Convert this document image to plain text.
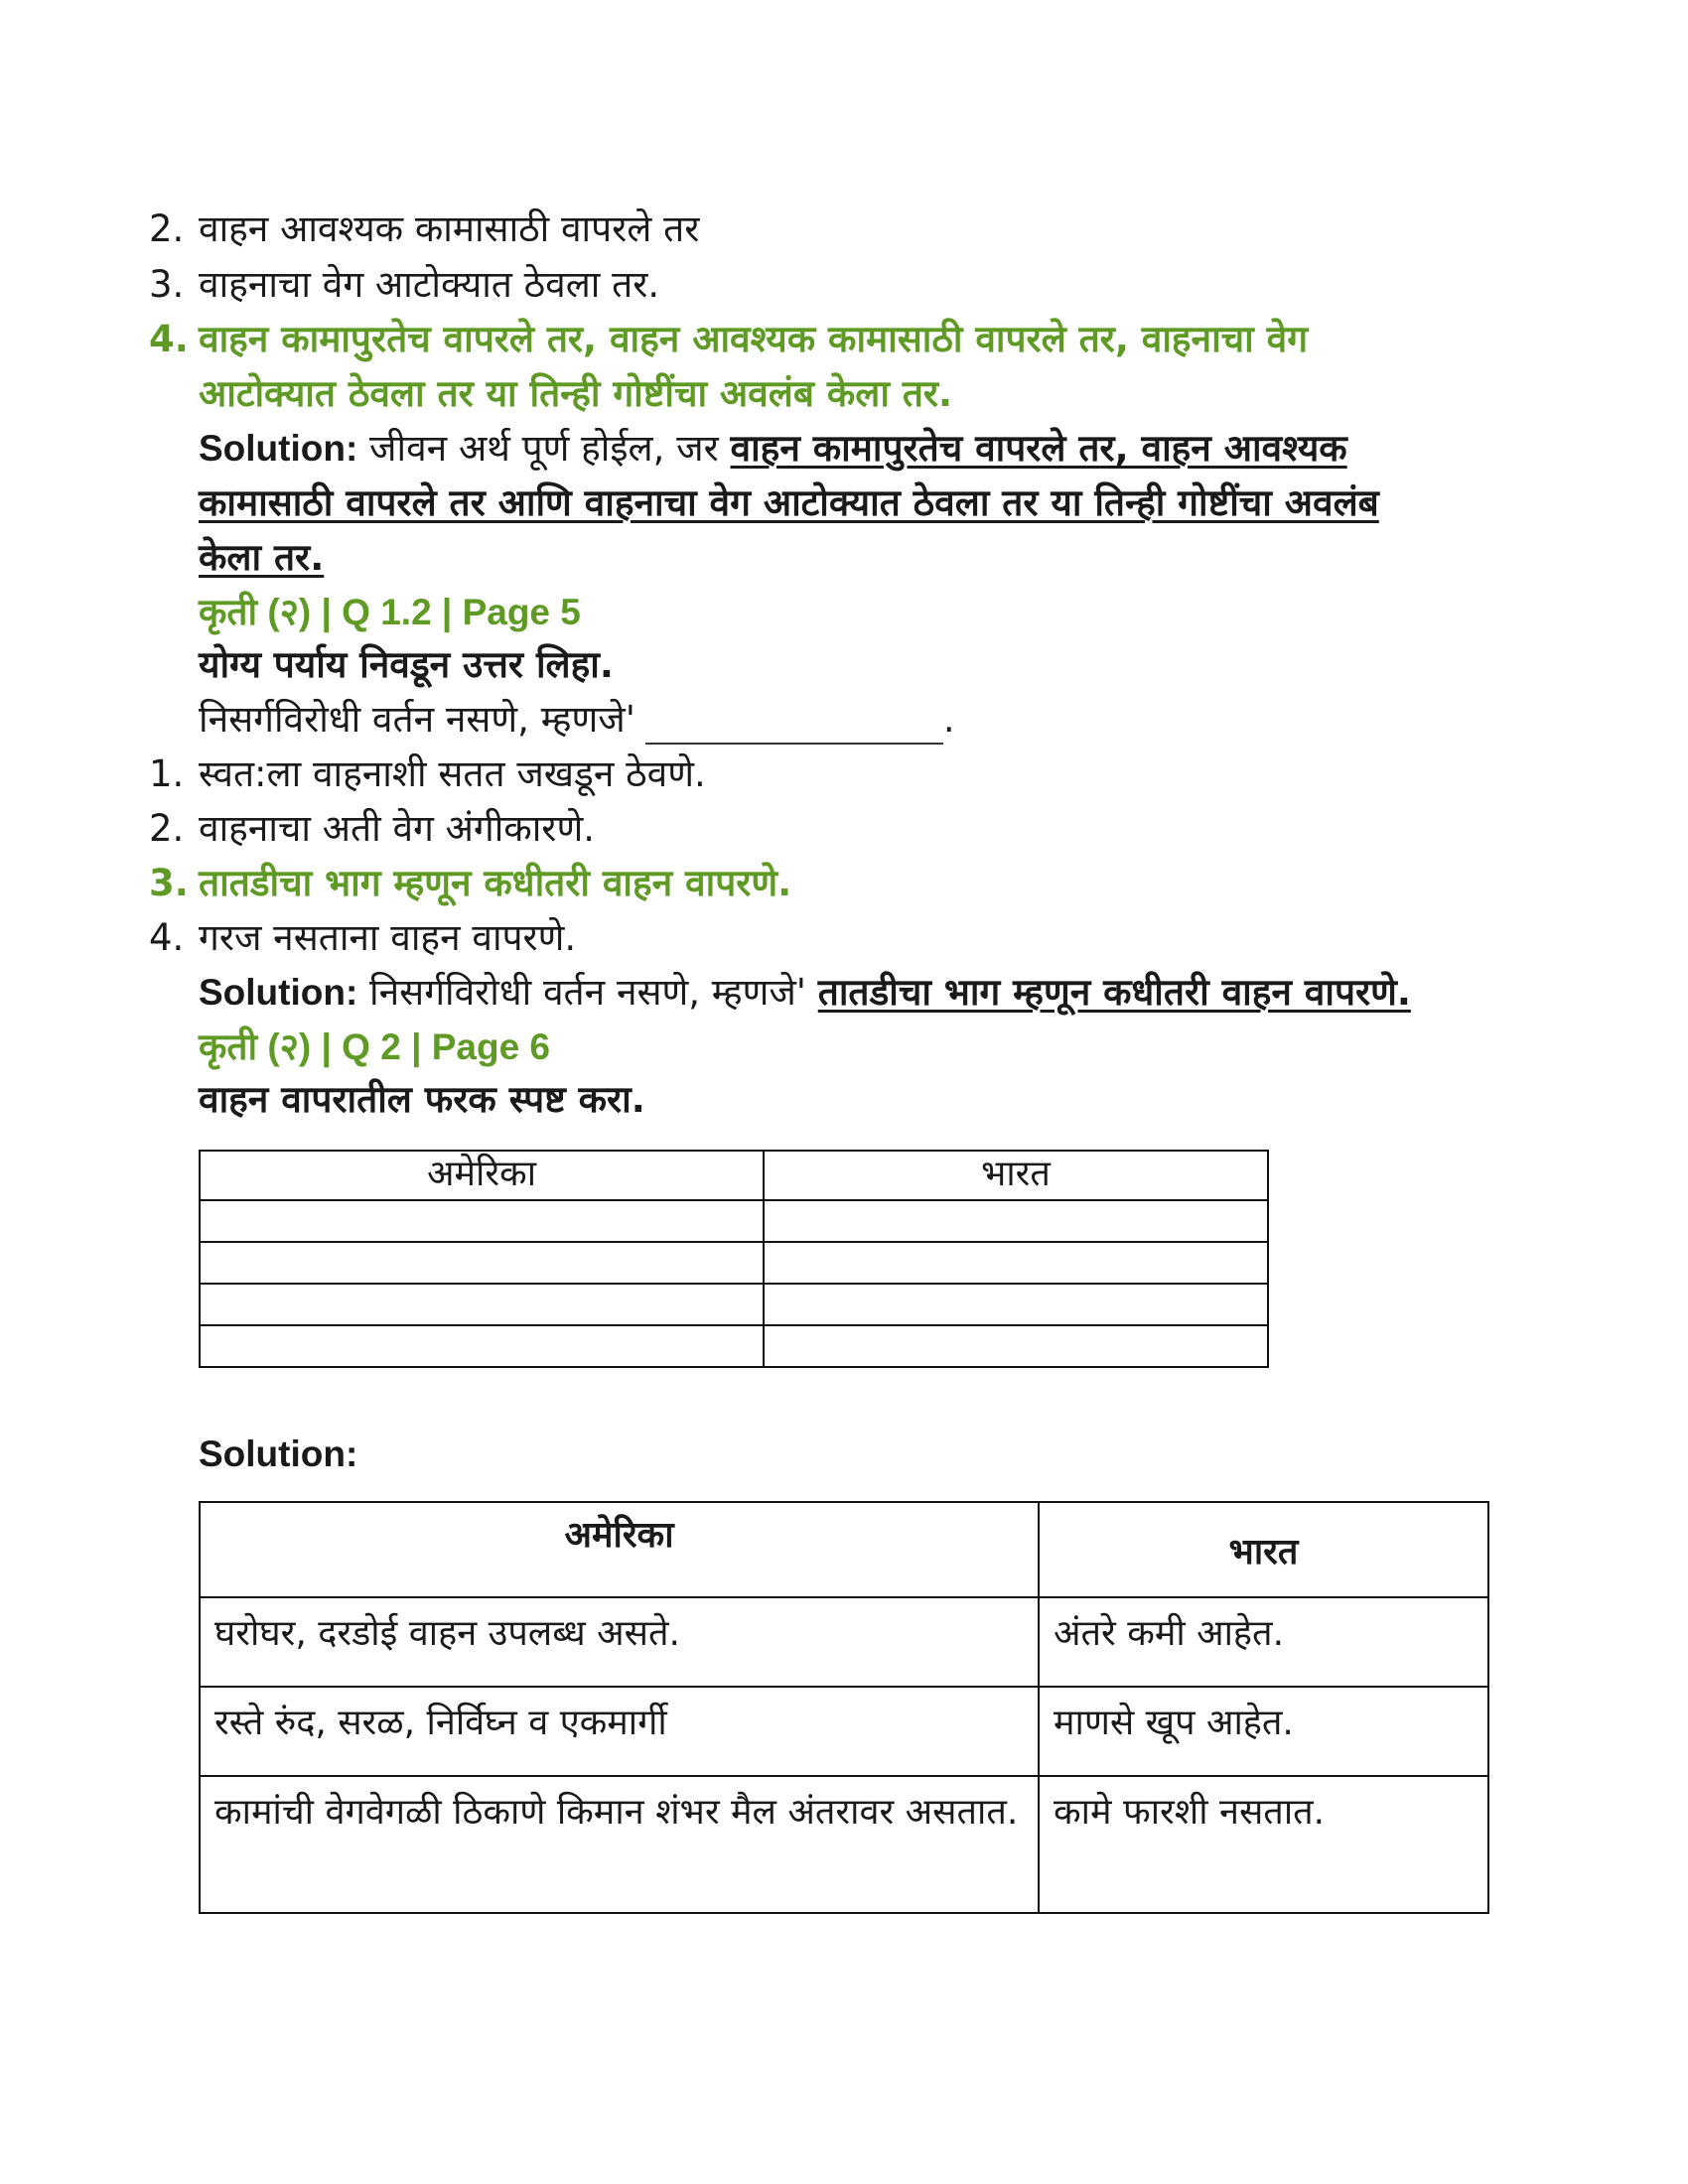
2. वाहन आवश्यक कामासाठी वापरले तर
3. वाहनाचा वेग आटोक्यात ठेवला तर.
4. वाहन कामापुरतेच वापरले तर, वाहन आवश्यक कामासाठी वापरले तर, वाहनाचा वेग
आटोक्यात ठेवला तर या तिन्ही गोष्टींचा अवलंब केला तर.
Solution: जीवन अर्थ पूर्ण होईल, जर वाहन कामापुरतेच वापरले तर, वाहन आवश्यक
कामासाठी वापरले तर आणि वाहनाचा वेग आटोक्यात ठेवला तर या तिन्ही गोष्टींचा अवलंब
केला तर.
कृती (२) | Q 1.2 | Page 5
योग्य पर्याय निवडून उत्तर लिहा.
निसर्गविरोधी वर्तन नसणे, म्हणजे'	.
1. स्वत:ला वाहनाशी सतत जखडून ठेवणे.
2. वाहनाचा अती वेग अंगीकारणे.
3. तातडीचा भाग म्हणून कधीतरी वाहन वापरणे.
4. गरज नसताना वाहन वापरणे.
Solution: निसर्गविरोधी वर्तन नसणे, म्हणजे' तातडीचा भाग म्हणून कधीतरी वाहन वापरणे.
कृती (२) | Q 2 | Page 6
वाहन वापरातील फरक स्पष्ट करा.
अमेरिका	भारत

Solution:
अमेरिका	भारत
घरोघर, दरडोई वाहन उपलब्ध असते.	अंतरे कमी आहेत.
रस्ते रुंद, सरळ, निर्विघ्न व एकमार्गी	माणसे खूप आहेत.
कामांची वेगवेगळी ठिकाणे किमान शंभर मैल अंतरावर असतात.	कामे फारशी नसतात.
